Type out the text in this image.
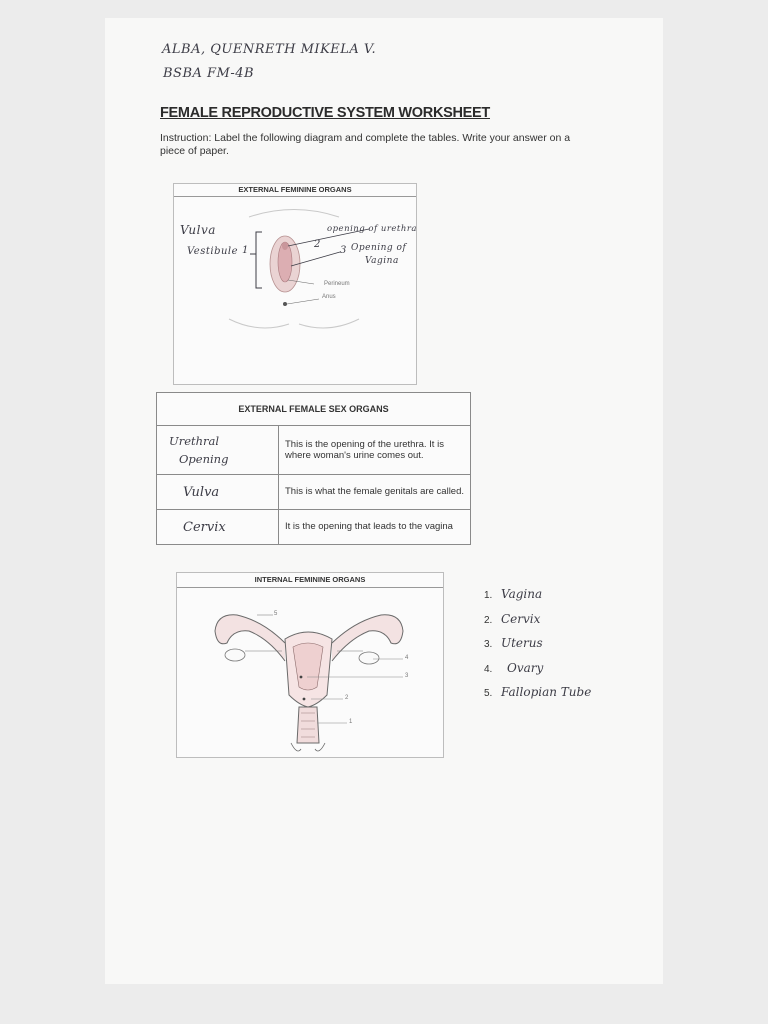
ALBA, QUENRETH MIKELA V.
BSBA FM-4B
FEMALE REPRODUCTIVE SYSTEM WORKSHEET
Instruction: Label the following diagram and complete the tables. Write your answer on a piece of paper.
EXTERNAL FEMININE ORGANS
Perineum
Anus
1
2
3
Vulva
Vestibule
opening of urethra
Opening of
Vagina
EXTERNAL FEMALE SEX ORGANS	
Urethral
Opening	This is the opening of the urethra. It is where woman's urine comes out.
Vulva	This is what the female genitals are called.
Cervix	It is the opening that leads to the vagina
INTERNAL FEMININE ORGANS
5
4
3
2
1
1. Vagina
2. Cervix
3. Uterus
4. Ovary
5. Fallopian Tube
